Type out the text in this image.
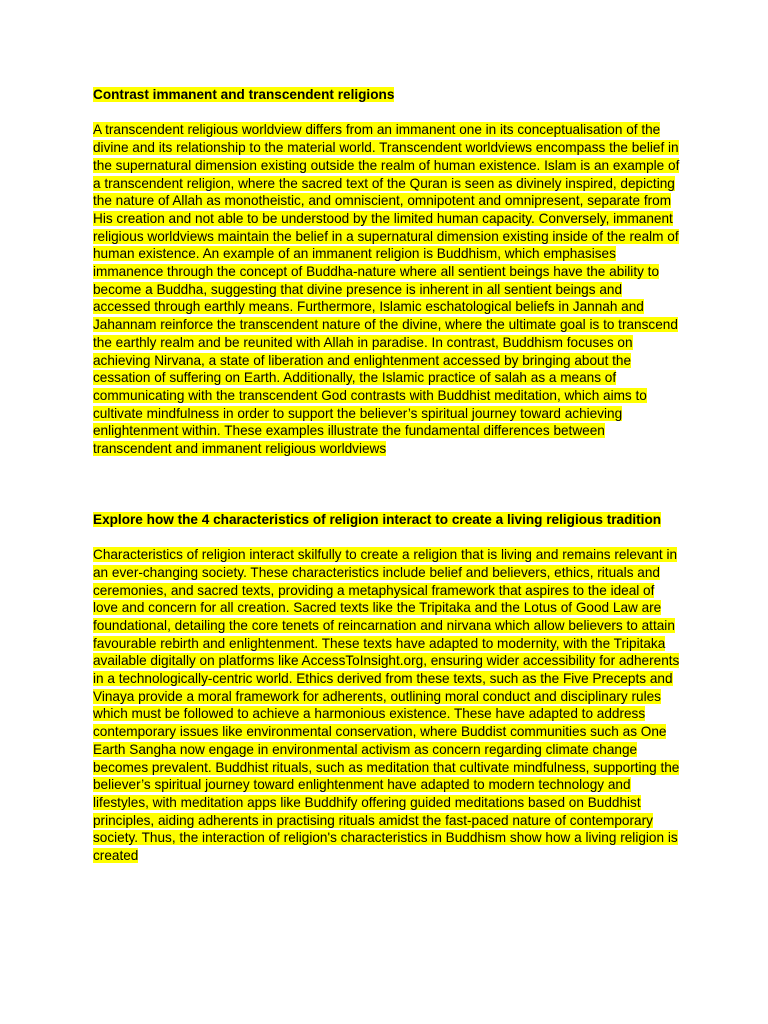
Contrast immanent and transcendent religions

A transcendent religious worldview differs from an immanent one in its conceptualisation of the divine and its relationship to the material world. Transcendent worldviews encompass the belief in the supernatural dimension existing outside the realm of human existence. Islam is an example of a transcendent religion, where the sacred text of the Quran is seen as divinely inspired, depicting the nature of Allah as monotheistic, and omniscient, omnipotent and omnipresent, separate from His creation and not able to be understood by the limited human capacity. Conversely, immanent religious worldviews maintain the belief in a supernatural dimension existing inside of the realm of human existence. An example of an immanent religion is Buddhism, which emphasises immanence through the concept of Buddha-nature where all sentient beings have the ability to become a Buddha, suggesting that divine presence is inherent in all sentient beings and accessed through earthly means. Furthermore, Islamic eschatological beliefs in Jannah and Jahannam reinforce the transcendent nature of the divine, where the ultimate goal is to transcend the earthly realm and be reunited with Allah in paradise. In contrast, Buddhism focuses on achieving Nirvana, a state of liberation and enlightenment accessed by bringing about the cessation of suffering on Earth. Additionally, the Islamic practice of salah as a means of communicating with the transcendent God contrasts with Buddhist meditation, which aims to cultivate mindfulness in order to support the believer’s spiritual journey toward achieving enlightenment within. These examples illustrate the fundamental differences between transcendent and immanent religious worldviews

Explore how the 4 characteristics of religion interact to create a living religious tradition

Characteristics of religion interact skilfully to create a religion that is living and remains relevant in an ever-changing society. These characteristics include belief and believers, ethics, rituals and ceremonies, and sacred texts, providing a metaphysical framework that aspires to the ideal of love and concern for all creation. Sacred texts like the Tripitaka and the Lotus of Good Law are foundational, detailing the core tenets of reincarnation and nirvana which allow believers to attain favourable rebirth and enlightenment. These texts have adapted to modernity, with the Tripitaka available digitally on platforms like AccessToInsight.org, ensuring wider accessibility for adherents in a technologically-centric world. Ethics derived from these texts, such as the Five Precepts and Vinaya provide a moral framework for adherents, outlining moral conduct and disciplinary rules which must be followed to achieve a harmonious existence. These have adapted to address contemporary issues like environmental conservation, where Buddist communities such as One Earth Sangha now engage in environmental activism as concern regarding climate change becomes prevalent. Buddhist rituals, such as meditation that cultivate mindfulness, supporting the believer’s spiritual journey toward enlightenment have adapted to modern technology and lifestyles, with meditation apps like Buddhify offering guided meditations based on Buddhist principles, aiding adherents in practising rituals amidst the fast-paced nature of contemporary society. Thus, the interaction of religion's characteristics in Buddhism show how a living religion is created
